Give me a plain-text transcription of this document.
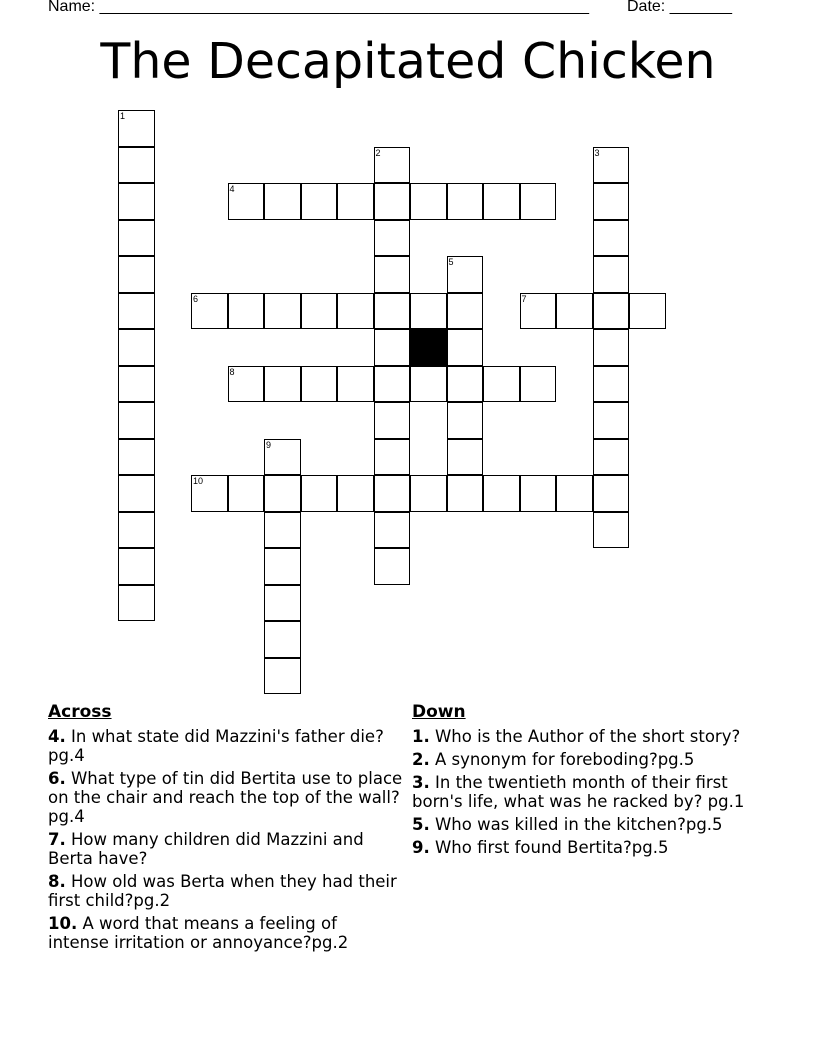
Name: _______________________________________________________ Date: _______
The Decapitated Chicken
1
2	3
4
5
6	7
8
9
10
Across
4. In what state did Mazzini's father die?pg.4
6. What type of tin did Bertita use to place on the chair and reach the top of the wall?pg.4
7. How many children did Mazzini and Berta have?
8. How old was Berta when they had their first child?pg.2
10. A word that means a feeling of intense irritation or annoyance?pg.2
Down
1. Who is the Author of the short story?
2. A synonym for foreboding?pg.5
3. In the twentieth month of their first born's life, what was he racked by? pg.1
5. Who was killed in the kitchen?pg.5
9. Who first found Bertita?pg.5
